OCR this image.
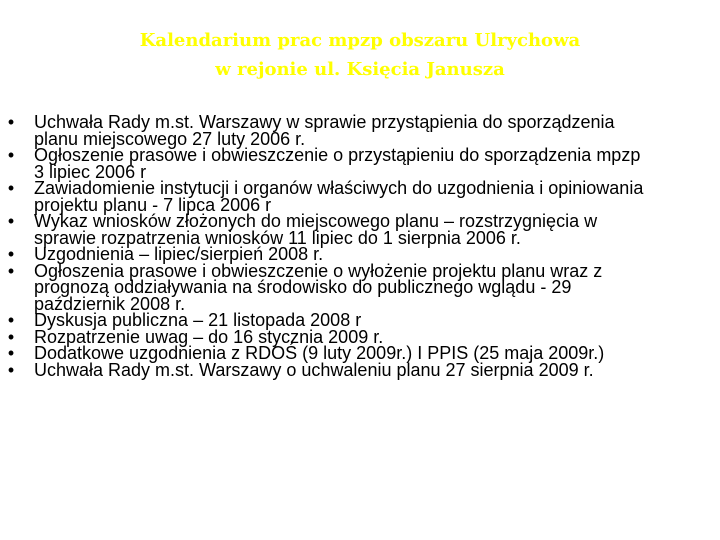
Kalendarium prac mpzp obszaru Ulrychowa
w rejonie ul. Księcia Janusza
• Uchwała Rady m.st. Warszawy w sprawie przystąpienia do sporządzenia
planu miejscowego 27 luty 2006 r.
• Ogłoszenie prasowe i obwieszczenie o przystąpieniu do sporządzenia mpzp
3 lipiec 2006 r
• Zawiadomienie instytucji i organów właściwych do uzgodnienia i opiniowania
projektu planu - 7 lipca 2006 r
• Wykaz wniosków złożonych do miejscowego planu – rozstrzygnięcia w
sprawie rozpatrzenia wniosków 11 lipiec do 1 sierpnia 2006 r.
• Uzgodnienia – lipiec/sierpień 2008 r.
• Ogłoszenia prasowe i obwieszczenie o wyłożenie projektu planu wraz z
prognozą oddziaływania na środowisko do publicznego wglądu - 29
październik 2008 r.
• Dyskusja publiczna – 21 listopada 2008 r
• Rozpatrzenie uwag – do 16 stycznia 2009 r.
• Dodatkowe uzgodnienia z RDOŚ (9 luty 2009r.) I PPIS (25 maja 2009r.)
• Uchwała Rady m.st. Warszawy o uchwaleniu planu 27 sierpnia 2009 r.
